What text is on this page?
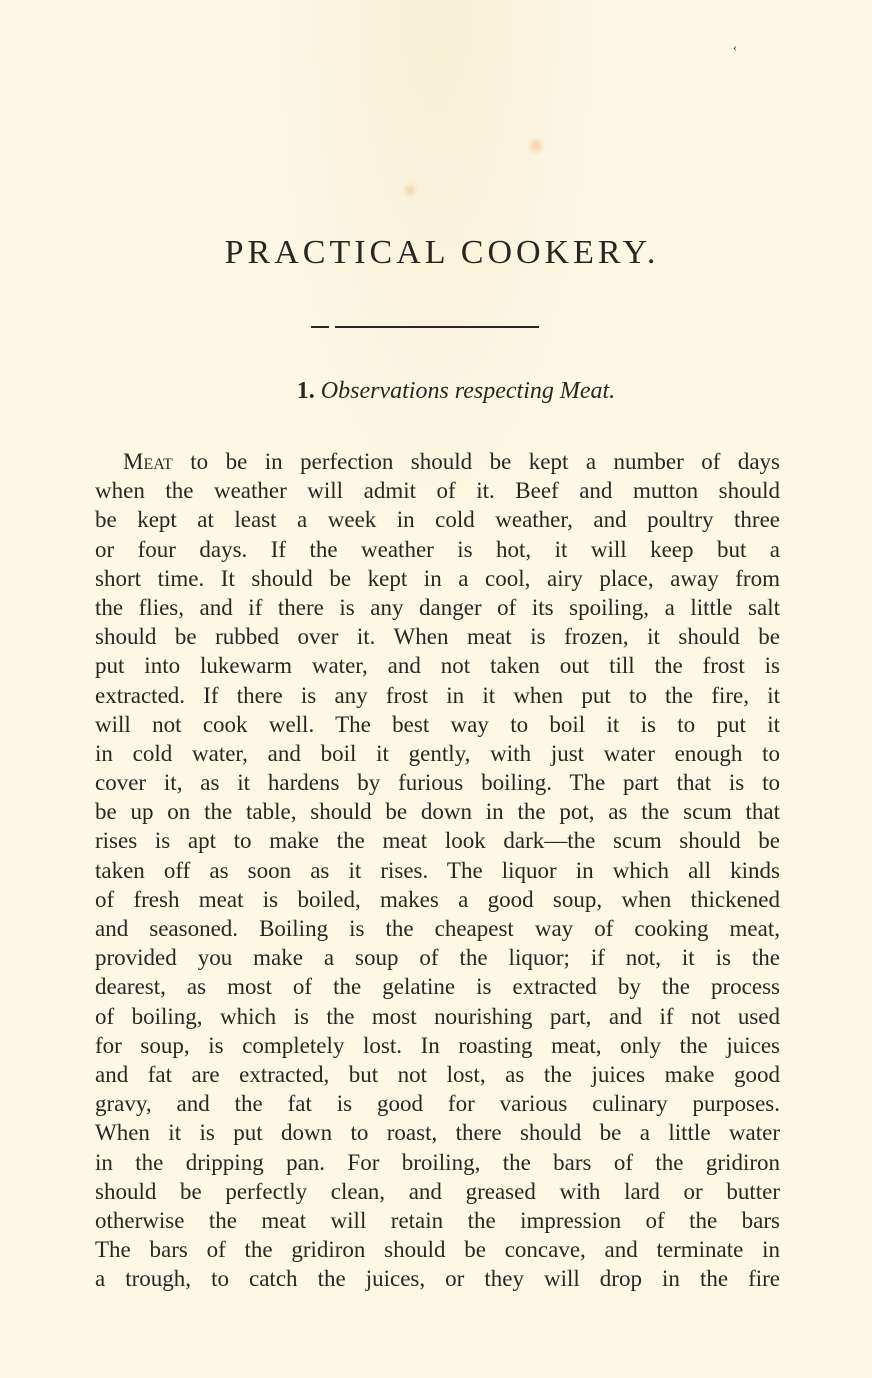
‹
PRACTICAL COOKERY.
1. Observations respecting Meat.
Meat to be in perfection should be kept a number of days
when the weather will admit of it. Beef and mutton should
be kept at least a week in cold weather, and poultry three
or four days. If the weather is hot, it will keep but a
short time. It should be kept in a cool, airy place, away from
the flies, and if there is any danger of its spoiling, a little salt
should be rubbed over it. When meat is frozen, it should be
put into lukewarm water, and not taken out till the frost is
extracted. If there is any frost in it when put to the fire, it
will not cook well. The best way to boil it is to put it
in cold water, and boil it gently, with just water enough to
cover it, as it hardens by furious boiling. The part that is to
be up on the table, should be down in the pot, as the scum that
rises is apt to make the meat look dark—the scum should be
taken off as soon as it rises. The liquor in which all kinds
of fresh meat is boiled, makes a good soup, when thickened
and seasoned. Boiling is the cheapest way of cooking meat,
provided you make a soup of the liquor; if not, it is the
dearest, as most of the gelatine is extracted by the process
of boiling, which is the most nourishing part, and if not used
for soup, is completely lost. In roasting meat, only the juices
and fat are extracted, but not lost, as the juices make good
gravy, and the fat is good for various culinary purposes.
When it is put down to roast, there should be a little water
in the dripping pan. For broiling, the bars of the gridiron
should be perfectly clean, and greased with lard or butter
otherwise the meat will retain the impression of the bars
The bars of the gridiron should be concave, and terminate in
a trough, to catch the juices, or they will drop in the fire
